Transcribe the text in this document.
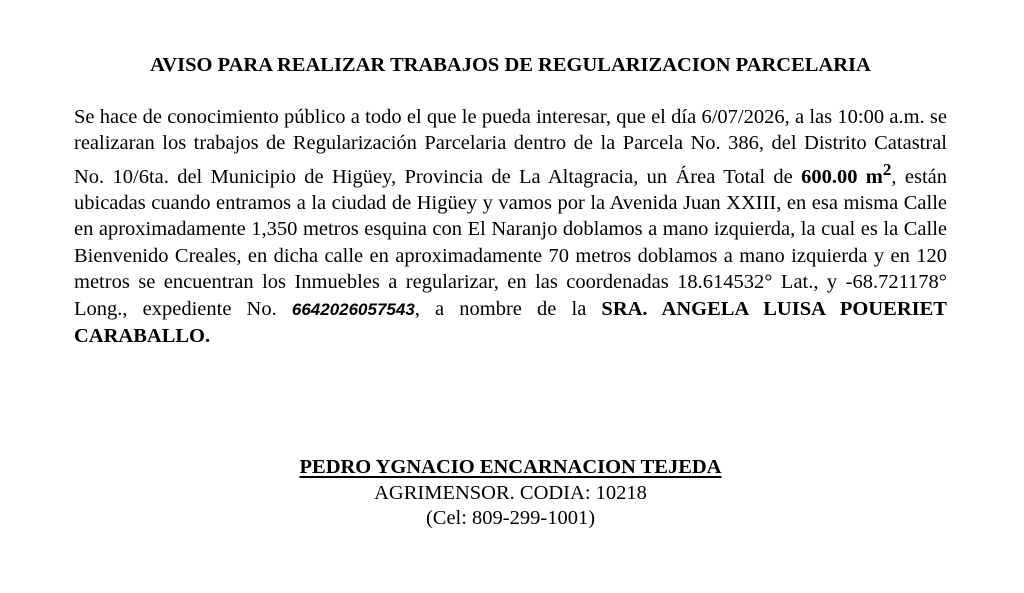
AVISO PARA REALIZAR TRABAJOS DE REGULARIZACION PARCELARIA
Se hace de conocimiento público a todo el que le pueda interesar, que el día 6/07/2026, a las 10:00 a.m. se realizaran los trabajos de Regularización Parcelaria dentro de la Parcela No. 386, del Distrito Catastral No. 10/6ta. del Municipio de Higüey, Provincia de La Altagracia, un Área Total de 600.00 $m^2$, están ubicadas cuando entramos a la ciudad de Higüey y vamos por la Avenida Juan XXIII, en esa misma Calle en aproximadamente 1,350 metros esquina con El Naranjo doblamos a mano izquierda, la cual es la Calle Bienvenido Creales, en dicha calle en aproximadamente 70 metros doblamos a mano izquierda y en 120 metros se encuentran los Inmuebles a regularizar, en las coordenadas 18.614532° Lat., y -68.721178° Long., expediente No. 6642026057543, a nombre de la SRA. ANGELA LUISA POUERIET CARABALLO.
PEDRO YGNACIO ENCARNACION TEJEDA
AGRIMENSOR. CODIA: 10218
(Cel: 809-299-1001)
